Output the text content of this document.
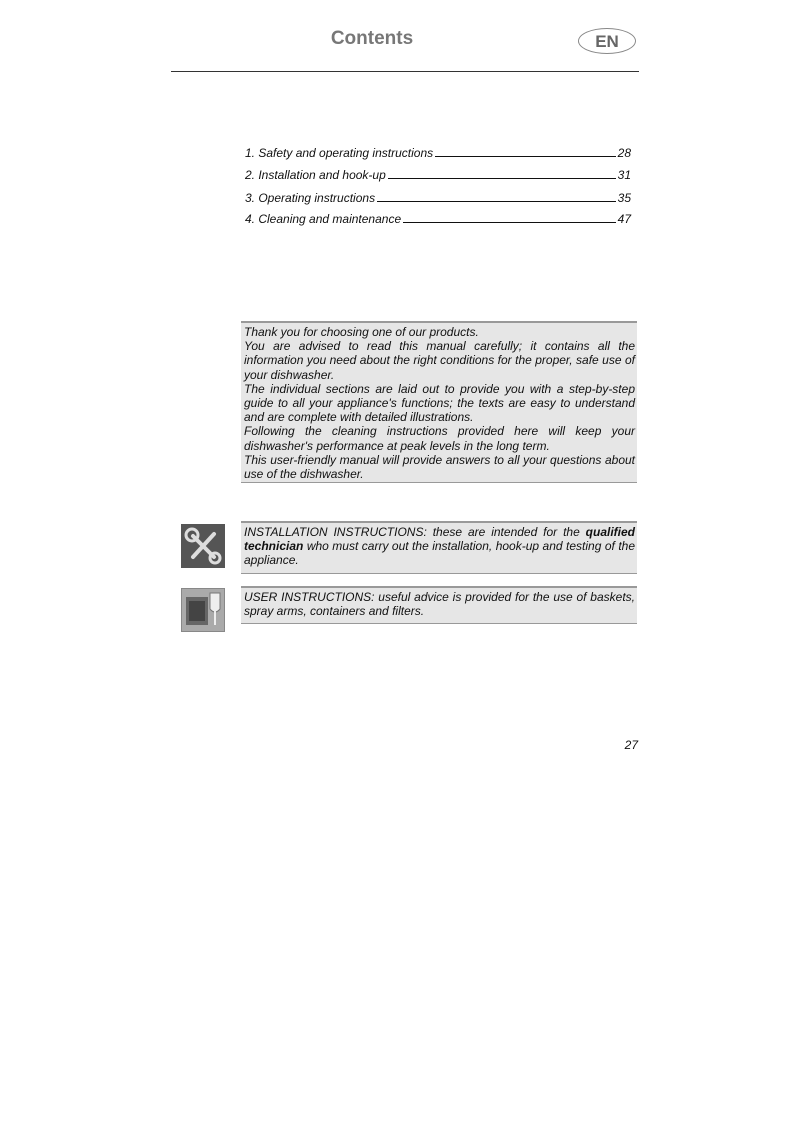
Contents	EN
1. Safety and operating instructions	28
2. Installation and hook-up	31
3. Operating instructions	35
4. Cleaning and maintenance	47

Thank you for choosing one of our products.

You are advised to read this manual carefully; it contains all the information you need about the right conditions for the proper, safe use of your dishwasher.

The individual sections are laid out to provide you with a step-by-step guide to all your appliance's functions; the texts are easy to understand and are complete with detailed illustrations.

Following the cleaning instructions provided here will keep your dishwasher's performance at peak levels in the long term.

This user-friendly manual will provide answers to all your questions about use of the dishwasher.

INSTALLATION INSTRUCTIONS: these are intended for the qualified technician who must carry out the installation, hook-up and testing of the appliance.

USER INSTRUCTIONS: useful advice is provided for the use of baskets, spray arms, containers and filters.

27
